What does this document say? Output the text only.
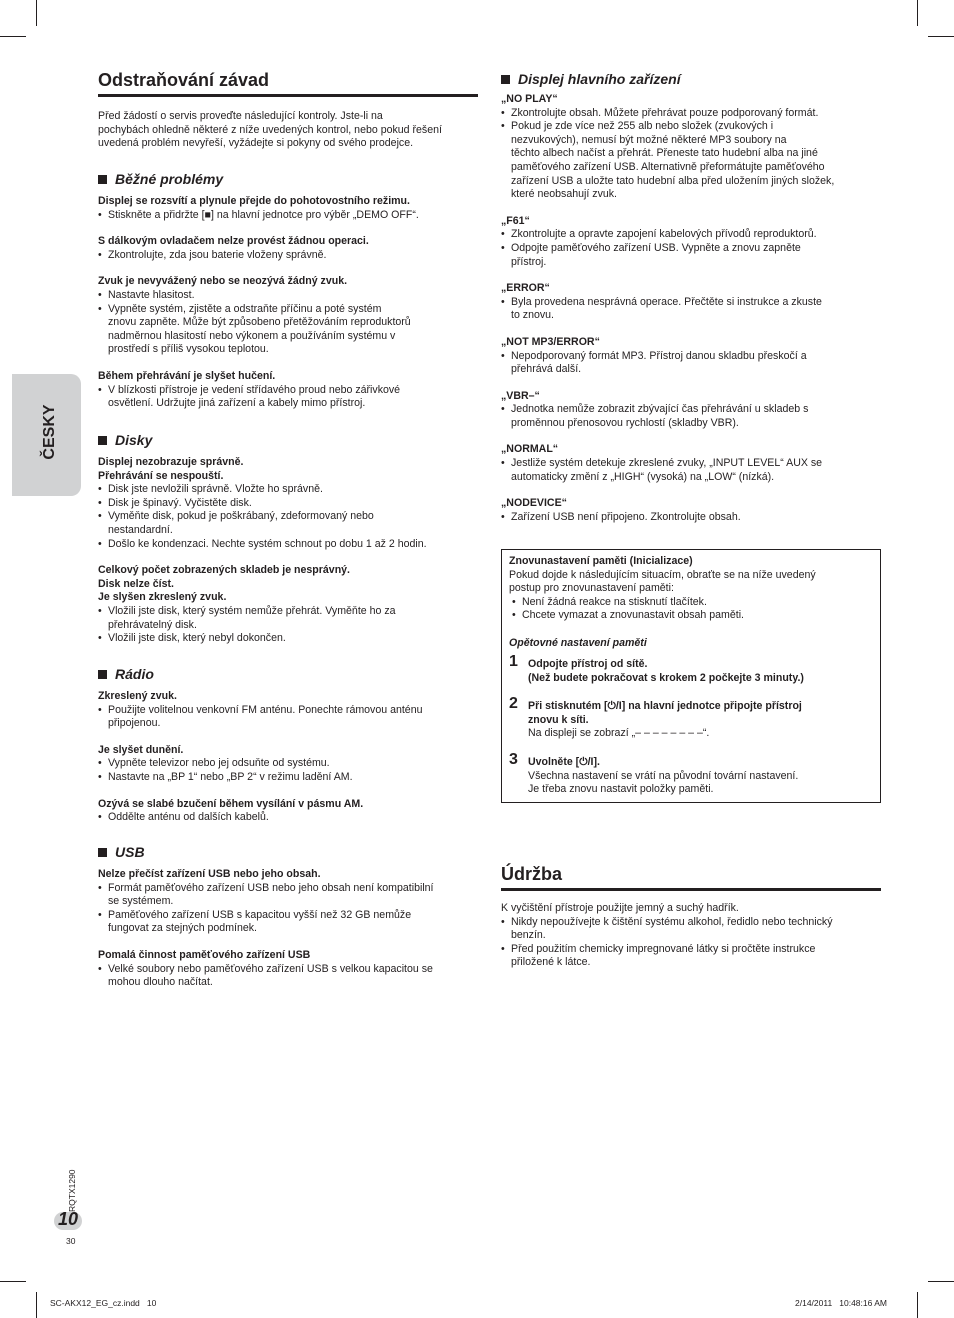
ČESKY
Odstraňování závad

Před žádostí o servis proveďte následující kontroly. Jste-li na

pochybách ohledně některé z níže uvedených kontrol, nebo pokud řešení

uvedená problém nevyřeší, vyžádejte si pokyny od svého prodejce.

Běžné problémy

Displej se rozsvítí a plynule přejde do pohotovostního režimu.

• Stiskněte a přidržte [■] na hlavní jednotce pro výběr „DEMO OFF“.

S dálkovým ovladačem nelze provést žádnou operaci.

• Zkontrolujte, zda jsou baterie vloženy správně.

Zvuk je nevyvážený nebo se neozývá žádný zvuk.

• Nastavte hlasitost.
• Vypněte systém, zjistěte a odstraňte příčinu a poté systém
znovu zapněte. Může být způsobeno přetěžováním reproduktorů
nadměrnou hlasitostí nebo výkonem a používáním systému v
prostředí s příliš vysokou teplotou.

Během přehrávání je slyšet hučení.

• V blízkosti přístroje je vedení střídavého proud nebo zářivkové
osvětlení. Udržujte jiná zařízení a kabely mimo přístroj.

Disky

Displej nezobrazuje správně.

Přehrávání se nespouští.

• Disk jste nevložili správně. Vložte ho správně.
• Disk je špinavý. Vyčistěte disk.
• Vyměňte disk, pokud je poškrábaný, zdeformovaný nebo
nestandardní.
• Došlo ke kondenzaci. Nechte systém schnout po dobu 1 až 2 hodin.

Celkový počet zobrazených skladeb je nesprávný.

Disk nelze číst.

Je slyšen zkreslený zvuk.

• Vložili jste disk, který systém nemůže přehrát. Vyměňte ho za
přehrávatelný disk.
• Vložili jste disk, který nebyl dokončen.

Rádio

Zkreslený zvuk.

• Použijte volitelnou venkovní FM anténu. Ponechte rámovou anténu
připojenou.

Je slyšet dunění.

• Vypněte televizor nebo jej odsuňte od systému.
• Nastavte na „BP 1“ nebo „BP 2“ v režimu ladění AM.

Ozývá se slabé bzučení během vysílání v pásmu AM.

• Oddělte anténu od dalších kabelů.

USB

Nelze přečíst zařízení USB nebo jeho obsah.

• Formát paměťového zařízení USB nebo jeho obsah není kompatibilní
se systémem.
• Paměťového zařízení USB s kapacitou vyšší než 32 GB nemůže
fungovat za stejných podmínek.

Pomalá činnost paměťového zařízení USB

• Velké soubory nebo paměťového zařízení USB s velkou kapacitou se
mohou dlouho načítat.

Displej hlavního zařízení

„NO PLAY“

• Zkontrolujte obsah. Můžete přehrávat pouze podporovaný formát.
• Pokud je zde více než 255 alb nebo složek (zvukových i
nezvukových), nemusí být možné některé MP3 soubory na
těchto albech načíst a přehrát. Přeneste tato hudební alba na jiné
paměťového zařízení USB. Alternativně přeformátujte paměťového
zařízení USB a uložte tato hudební alba před uložením jiných složek,
které neobsahují zvuk.

„F61“

• Zkontrolujte a opravte zapojení kabelových přívodů reproduktorů.
• Odpojte paměťového zařízení USB. Vypněte a znovu zapněte
přístroj.

„ERROR“

• Byla provedena nesprávná operace. Přečtěte si instrukce a zkuste
to znovu.

„NOT MP3/ERROR“

• Nepodporovaný formát MP3. Přístroj danou skladbu přeskočí a
přehrává další.

„VBR–“

• Jednotka nemůže zobrazit zbývající čas přehrávání u skladeb s
proměnnou přenosovou rychlostí (skladby VBR).

„NORMAL“

• Jestliže systém detekuje zkreslené zvuky, „INPUT LEVEL“ AUX se
automaticky změní z „HIGH“ (vysoká) na „LOW“ (nízká).

„NODEVICE“

• Zařízení USB není připojeno. Zkontrolujte obsah.

Znovunastavení paměti (Inicializace)

Pokud dojde k následujícím situacím, obraťte se na níže uvedený

postup pro znovunastavení paměti:

• Není žádná reakce na stisknutí tlačítek.
• Chcete vymazat a znovunastavit obsah paměti.

Opětovné nastavení paměti

1 Odpojte přístroj od sítě.

(Než budete pokračovat s krokem 2 počkejte 3 minuty.)

2 Při stisknutém [⏻/I] na hlavní jednotce připojte přístroj

znovu k síti.

Na displeji se zobrazí „– – – – – – – –“.

3 Uvolněte [⏻/I].

Všechna nastavení se vrátí na původní tovární nastavení.

Je třeba znovu nastavit položky paměti.

Údržba

K vyčištění přístroje použijte jemný a suchý hadřík.

• Nikdy nepoužívejte k čištění systému alkohol, ředidlo nebo technický
benzín.
• Před použitím chemicky impregnované látky si pročtěte instrukce
přiložené k látce.
RQTX1290
10
30
SC-AKX12_EG_cz.indd   10	2/14/2011   10:48:16 AM
